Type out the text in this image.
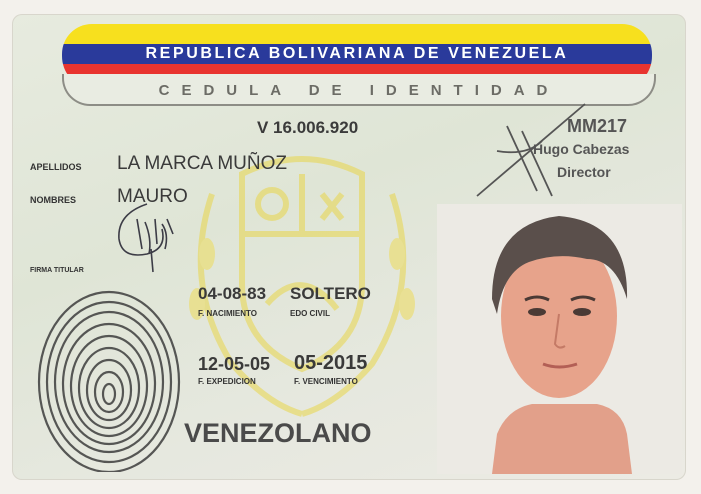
REPUBLICA BOLIVARIANA DE VENEZUELA
CEDULA DE IDENTIDAD
V 16.006.920
APELLIDOS LA MARCA MUÑOZ
NOMBRES MAURO
FIRMA TITULAR
04-08-83 SOLTERO
F. NACIMIENTO	EDO CIVIL
12-05-05 05-2015
F. EXPEDICION	F. VENCIMIENTO
VENEZOLANO
MM217
Hugo Cabezas
Director
